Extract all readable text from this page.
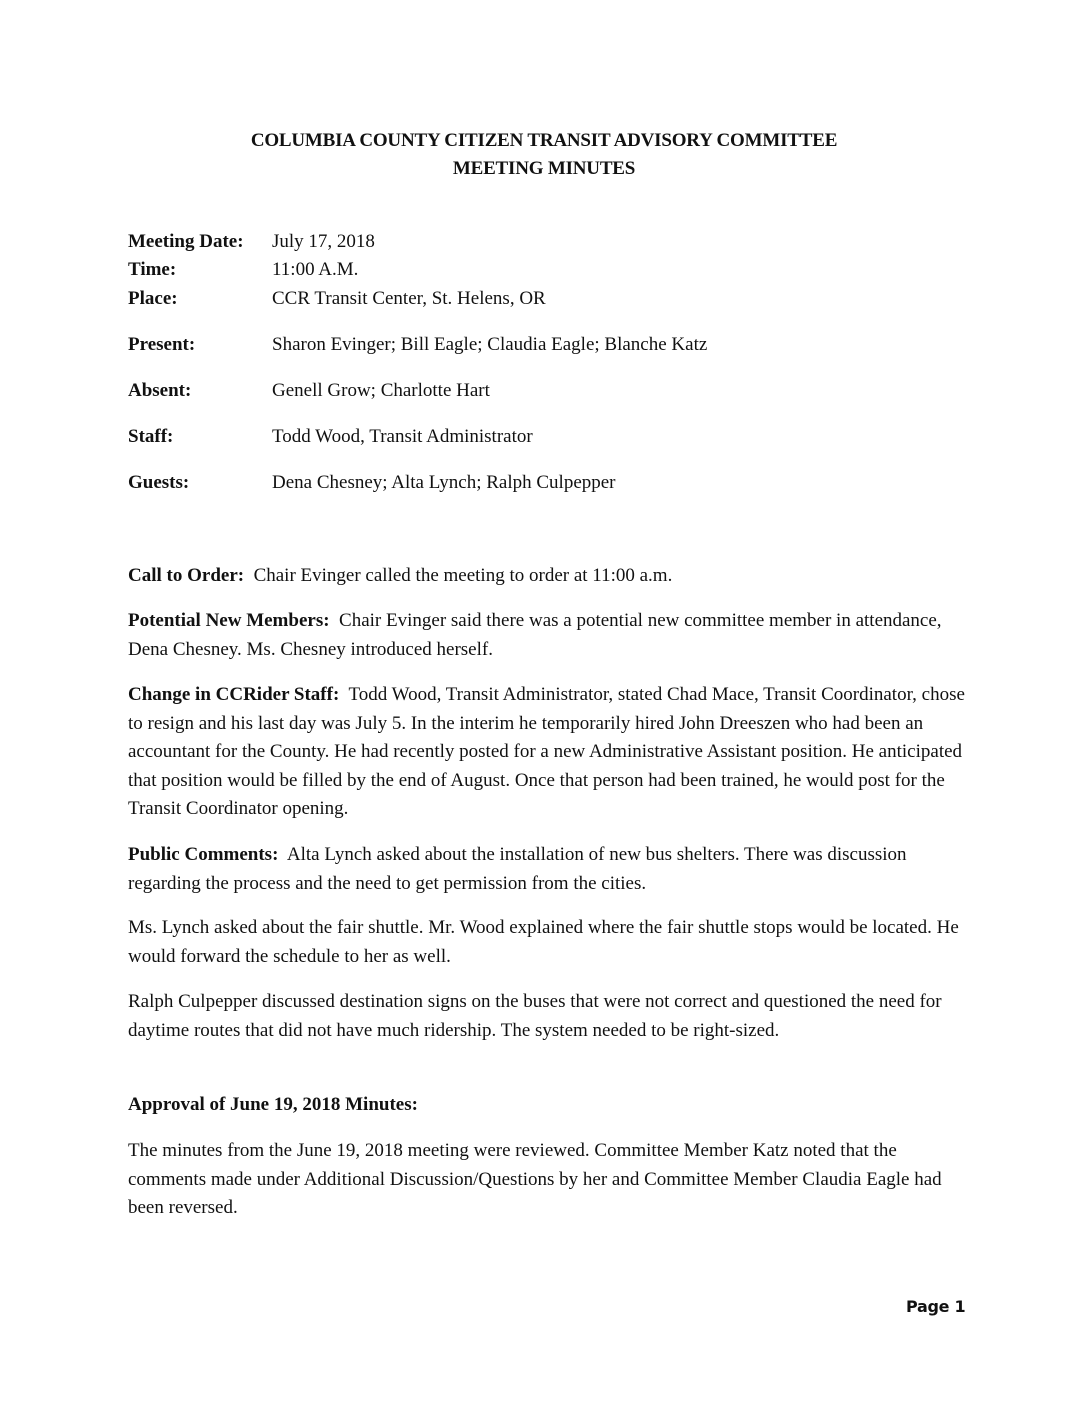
COLUMBIA COUNTY CITIZEN TRANSIT ADVISORY COMMITTEE
MEETING MINUTES
Meeting Date: July 17, 2018
Time:	11:00 A.M.
Place:	CCR Transit Center, St. Helens, OR
Present:	Sharon Evinger; Bill Eagle; Claudia Eagle; Blanche Katz
Absent:	Genell Grow; Charlotte Hart
Staff:	Todd Wood, Transit Administrator
Guests:	Dena Chesney; Alta Lynch; Ralph Culpepper
Call to Order: Chair Evinger called the meeting to order at 11:00 a.m.
Potential New Members: Chair Evinger said there was a potential new committee member in attendance, Dena Chesney. Ms. Chesney introduced herself.
Change in CCRider Staff: Todd Wood, Transit Administrator, stated Chad Mace, Transit Coordinator, chose to resign and his last day was July 5. In the interim he temporarily hired John Dreeszen who had been an accountant for the County. He had recently posted for a new Administrative Assistant position. He anticipated that position would be filled by the end of August. Once that person had been trained, he would post for the Transit Coordinator opening.
Public Comments: Alta Lynch asked about the installation of new bus shelters. There was discussion regarding the process and the need to get permission from the cities.
Ms. Lynch asked about the fair shuttle. Mr. Wood explained where the fair shuttle stops would be located. He would forward the schedule to her as well.
Ralph Culpepper discussed destination signs on the buses that were not correct and questioned the need for daytime routes that did not have much ridership. The system needed to be right-sized.
Approval of June 19, 2018 Minutes:
The minutes from the June 19, 2018 meeting were reviewed. Committee Member Katz noted that the comments made under Additional Discussion/Questions by her and Committee Member Claudia Eagle had been reversed.
Page 1
